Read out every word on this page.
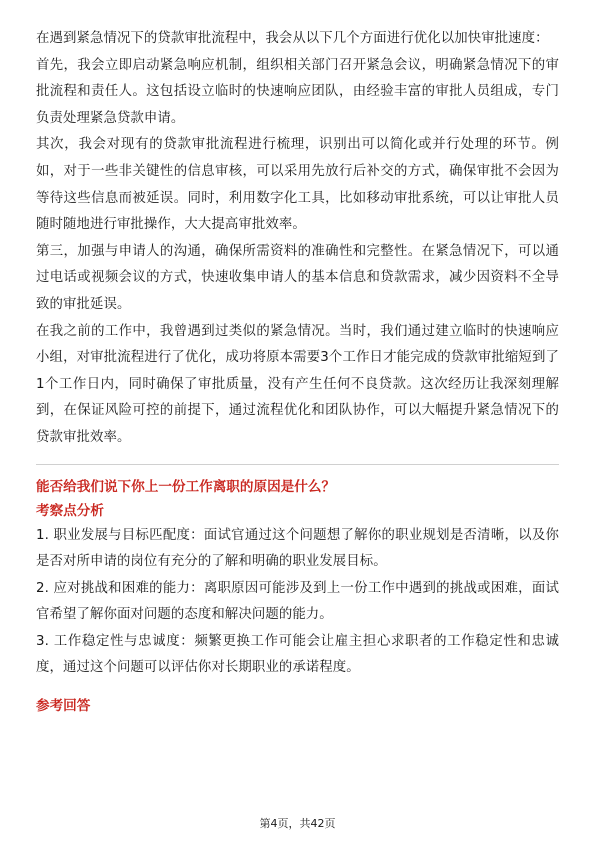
在遇到紧急情况下的贷款审批流程中，我会从以下几个方面进行优化以加快审批速度：

首先，我会立即启动紧急响应机制，组织相关部门召开紧急会议，明确紧急情况下的审批流程和责任人。这包括设立临时的快速响应团队，由经验丰富的审批人员组成，专门负责处理紧急贷款申请。

其次，我会对现有的贷款审批流程进行梳理，识别出可以简化或并行处理的环节。例如，对于一些非关键性的信息审核，可以采用先放行后补交的方式，确保审批不会因为等待这些信息而被延误。同时，利用数字化工具，比如移动审批系统，可以让审批人员随时随地进行审批操作，大大提高审批效率。

第三，加强与申请人的沟通，确保所需资料的准确性和完整性。在紧急情况下，可以通过电话或视频会议的方式，快速收集申请人的基本信息和贷款需求，减少因资料不全导致的审批延误。

在我之前的工作中，我曾遇到过类似的紧急情况。当时，我们通过建立临时的快速响应小组，对审批流程进行了优化，成功将原本需要3个工作日才能完成的贷款审批缩短到了1个工作日内，同时确保了审批质量，没有产生任何不良贷款。这次经历让我深刻理解到，在保证风险可控的前提下，通过流程优化和团队协作，可以大幅提升紧急情况下的贷款审批效率。

能否给我们说下你上一份工作离职的原因是什么？

考察点分析

1. 职业发展与目标匹配度：面试官通过这个问题想了解你的职业规划是否清晰，以及你是否对所申请的岗位有充分的了解和明确的职业发展目标。

2. 应对挑战和困难的能力：离职原因可能涉及到上一份工作中遇到的挑战或困难，面试官希望了解你面对问题的态度和解决问题的能力。

3. 工作稳定性与忠诚度：频繁更换工作可能会让雇主担心求职者的工作稳定性和忠诚度，通过这个问题可以评估你对长期职业的承诺程度。

参考回答

第4页，共42页
